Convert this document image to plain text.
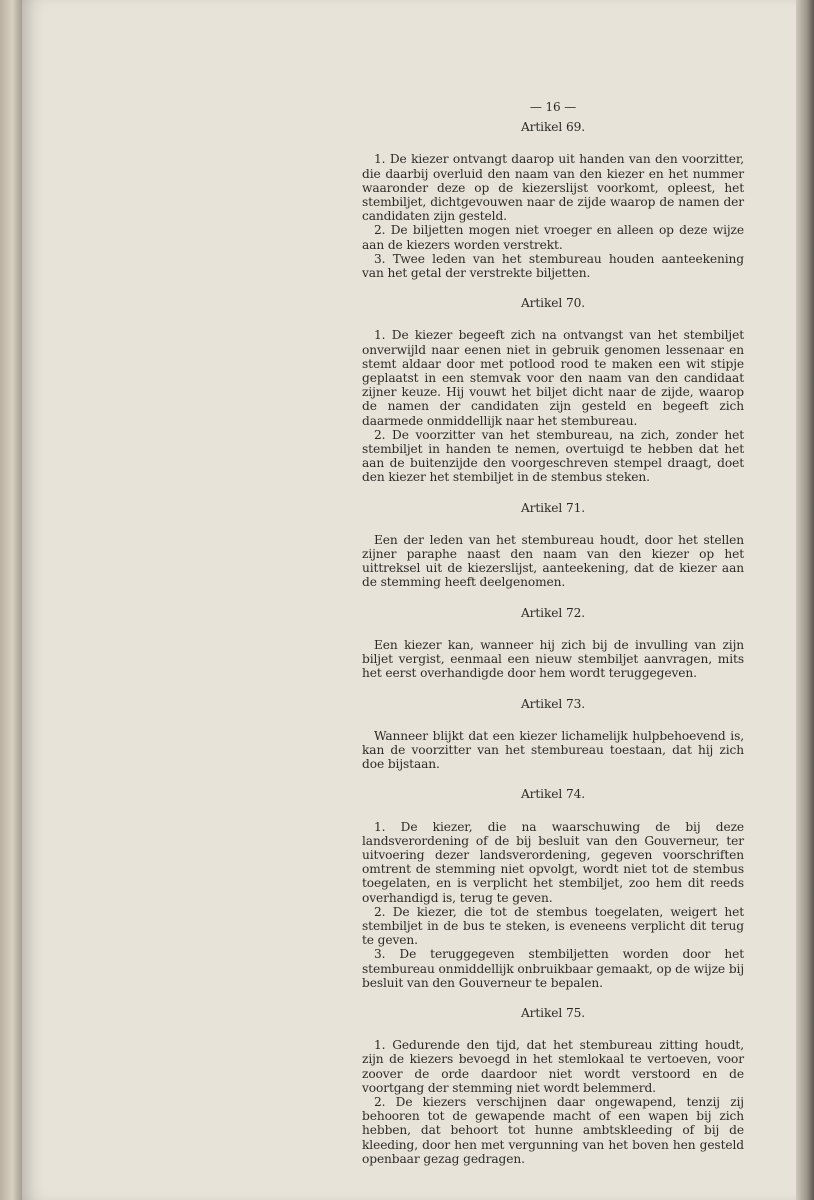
— 16 —
Artikel 69.

1. De kiezer ontvangt daarop uit handen van den voorzitter, die daarbij overluid den naam van den kiezer en het nummer waaronder deze op de kiezerslijst voorkomt, opleest, het stembiljet, dichtgevouwen naar de zijde waarop de namen der candidaten zijn gesteld.

2. De biljetten mogen niet vroeger en alleen op deze wijze aan de kiezers worden verstrekt.

3. Twee leden van het stembureau houden aanteekening van het getal der verstrekte biljetten.

Artikel 70.

1. De kiezer begeeft zich na ontvangst van het stembiljet onverwijld naar eenen niet in gebruik genomen lessenaar en stemt aldaar door met potlood rood te maken een wit stipje geplaatst in een stemvak voor den naam van den candidaat zijner keuze. Hij vouwt het biljet dicht naar de zijde, waarop de namen der candidaten zijn gesteld en begeeft zich daarmede onmiddellijk naar het stembureau.

2. De voorzitter van het stembureau, na zich, zonder het stembiljet in handen te nemen, overtuigd te hebben dat het aan de buitenzijde den voorgeschreven stempel draagt, doet den kiezer het stembiljet in de stembus steken.

Artikel 71.

Een der leden van het stembureau houdt, door het stellen zijner paraphe naast den naam van den kiezer op het uittreksel uit de kiezerslijst, aanteekening, dat de kiezer aan de stemming heeft deelgenomen.

Artikel 72.

Een kiezer kan, wanneer hij zich bij de invulling van zijn biljet vergist, eenmaal een nieuw stembiljet aanvragen, mits het eerst overhandigde door hem wordt teruggegeven.

Artikel 73.

Wanneer blijkt dat een kiezer lichamelijk hulpbehoevend is, kan de voorzitter van het stembureau toestaan, dat hij zich doe bijstaan.

Artikel 74.

1. De kiezer, die na waarschuwing de bij deze landsverordening of de bij besluit van den Gouverneur, ter uitvoering dezer landsverordening, gegeven voorschriften omtrent de stemming niet opvolgt, wordt niet tot de stembus toegelaten, en is verplicht het stembiljet, zoo hem dit reeds overhandigd is, terug te geven.

2. De kiezer, die tot de stembus toegelaten, weigert het stembiljet in de bus te steken, is eveneens verplicht dit terug te geven.

3. De teruggegeven stembiljetten worden door het stembureau onmiddellijk onbruikbaar gemaakt, op de wijze bij besluit van den Gouverneur te bepalen.

Artikel 75.

1. Gedurende den tijd, dat het stembureau zitting houdt, zijn de kiezers bevoegd in het stemlokaal te vertoeven, voor zoover de orde daardoor niet wordt verstoord en de voortgang der stemming niet wordt belemmerd.

2. De kiezers verschijnen daar ongewapend, tenzij zij behooren tot de gewapende macht of een wapen bij zich hebben, dat behoort tot hunne ambtskleeding of bij de kleeding, door hen met vergunning van het boven hen gesteld openbaar gezag gedragen.
